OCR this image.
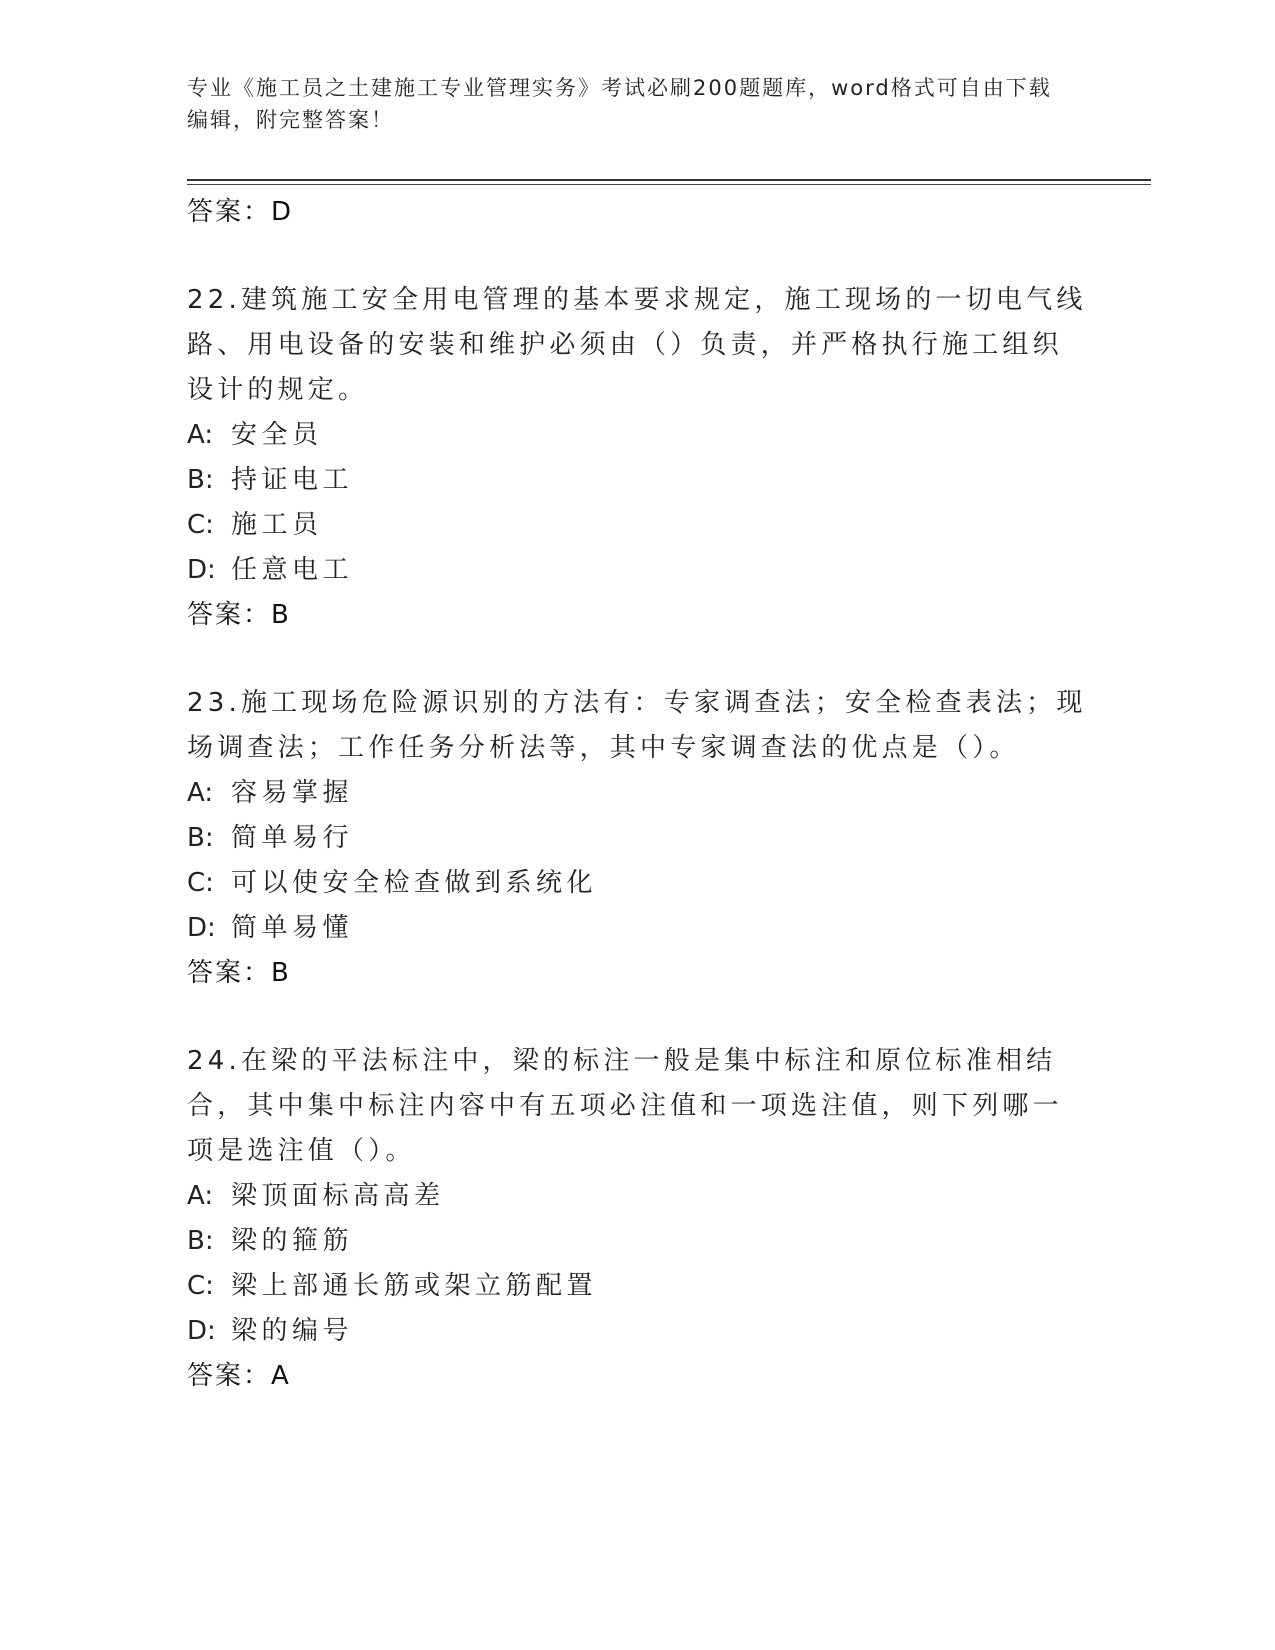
专业《施工员之土建施工专业管理实务》考试必刷200题题库，word格式可自由下载编辑，附完整答案！

答案：D

22.建筑施工安全用电管理的基本要求规定，施工现场的一切电气线路、用电设备的安装和维护必须由（）负责，并严格执行施工组织设计的规定。

A: 安全员

B: 持证电工

C: 施工员

D: 任意电工

答案：B

23.施工现场危险源识别的方法有：专家调查法；安全检查表法；现场调查法；工作任务分析法等，其中专家调查法的优点是（）。

A: 容易掌握

B: 简单易行

C: 可以使安全检查做到系统化

D: 简单易懂

答案：B

24.在梁的平法标注中，梁的标注一般是集中标注和原位标准相结合，其中集中标注内容中有五项必注值和一项选注值，则下列哪一项是选注值（）。

A: 梁顶面标高高差

B: 梁的箍筋

C: 梁上部通长筋或架立筋配置

D: 梁的编号

答案：A
